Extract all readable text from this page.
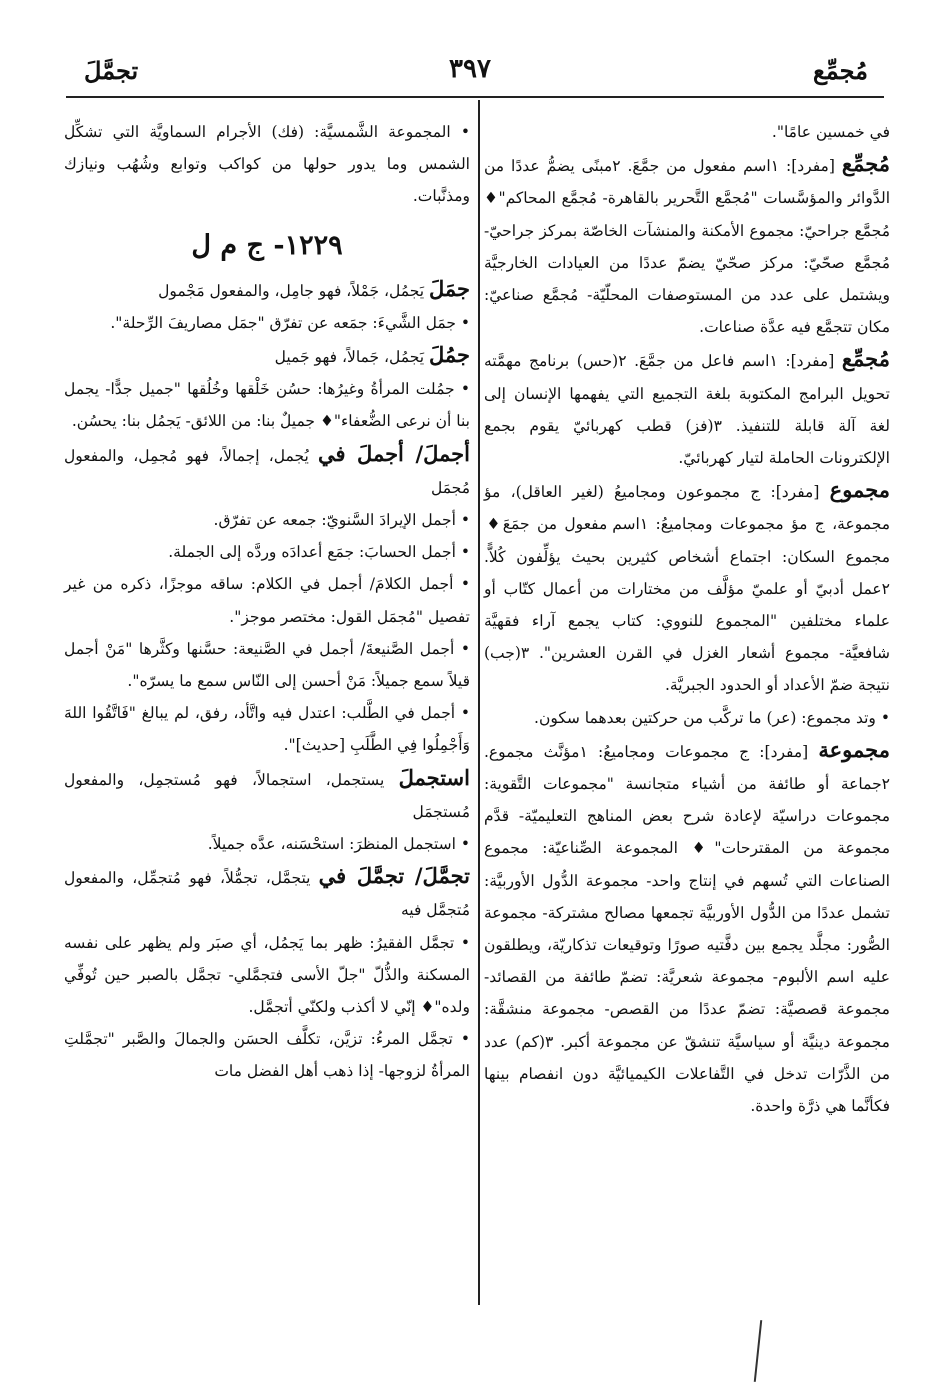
تجمَّلَ	٣٩٧	مُجمِّع

في خمسين عامًا".

مُجمِّع [مفرد]: ١اسم مفعول من جمَّعَ. ٢مبنًى يضمُّ عددًا من الدَّوائر والمؤسَّسات "مُجمَّع التَّحرير بالقاهرة- مُجمَّع المحاكم"♦ مُجمَّع جراحيّ: مجموع الأمكنة والمنشآت الخاصّة بمركز جراحيّ- مُجمَّع صحّيّ: مركز صحّيّ يضمّ عددًا من العيادات الخارجيَّة ويشتمل على عدد من المستوصفات المحلّيّة- مُجمَّع صناعيّ: مكان تتجمَّع فيه عدَّة صناعات.

مُجمِّع [مفرد]: ١اسم فاعل من جمَّعَ. ٢(حس) برنامج مهمَّته تحويل البرامج المكتوبة بلغة التجميع التي يفهمها الإنسان إلى لغة آلة قابلة للتنفيذ. ٣(فز) قطب كهربائيّ يقوم بجمع الإلكترونات الحاملة لتيار كهربائيّ.

مجموع [مفرد]: ج مجموعون ومجاميعُ (لغير العاقل)، مؤ مجموعة، ج مؤ مجموعات ومجاميعُ: ١اسم مفعول من جمَعَ♦ مجموع السكان: اجتماع أشخاص كثيرين بحيث يؤلِّفون كُلاًّ. ٢عمل أدبيّ أو علميّ مؤلَّف من مختارات من أعمال كتّاب أو علماء مختلفين "المجموع للنووي: كتاب يجمع آراء فقهيَّة شافعيَّة- مجموع أشعار الغزل في القرن العشرين". ٣(جب) نتيجة ضمّ الأعداد أو الحدود الجبريَّة.

• وتد مجموع: (عر) ما تركَّب من حركتين بعدهما سكون.

مجموعة [مفرد]: ج مجموعات ومجاميعُ: ١مؤنَّث مجموع. ٢جماعة أو طائفة من أشياء متجانسة "مجموعات التَّقوية: مجموعات دراسيّة لإعادة شرح بعض المناهج التعليميّة- قدَّم مجموعة من المقترحات"♦ المجموعة الصِّناعيّة: مجموع الصناعات التي تُسهم في إنتاج واحد- مجموعة الدُّول الأوربيَّة: تشمل عددًا من الدُّول الأوربيَّة تجمعها مصالح مشتركة- مجموعة الصُّور: مجلَّد يجمع بين دفَّتيه صورًا وتوقيعات تذكاريّة، ويطلقون عليه اسم الألبوم- مجموعة شعريَّة: تضمّ طائفة من القصائد- مجموعة قصصيَّة: تضمّ عددًا من القصص- مجموعة منشقَّة: مجموعة دينيَّة أو سياسيَّة تنشقّ عن مجموعة أكبر. ٣(كم) عدد من الذَّرّات تدخل في التَّفاعلات الكيميائيَّة دون انفصام بينها فكأنَّما هي ذرَّة واحدة.

• المجموعة الشَّمسيَّة: (فك) الأجرام السماويَّة التي تشكِّل الشمس وما يدور حولها من كواكب وتوابع وشُهُب ونيازك ومذنَّبات.

١٢٢٩- ج م ل

جمَلَ يَجمُل، جَمْلاً، فهو جامِل، والمفعول مَجْمول

• جمَل الشَّيءَ: جمَعه عن تفرّق "جمَل مصاريفَ الرِّحلة".

جمُلَ يَجمُل، جَمالاً، فهو جَميل

• جمُلت المرأةُ وغيرُها: حسُن خَلْقها وخُلُقها "جميل جدًّا- يجمل بنا أن نرعى الضُّعفاء"♦ جميلٌ بنا: من اللائق- يَجمُل بنا: يحسُن.

أجملَ/ أجملَ في يُجمل، إجمالاً، فهو مُجمِل، والمفعول مُجمَل

• أجمل الإيرادَ السَّنويّ: جمعه عن تفرّق.

• أجمل الحسابَ: جمَع أعدادَه وردَّه إلى الجملة.

• أجمل الكلامَ/ أجمل في الكلام: ساقه موجزًا، ذكره من غير تفصيل "مُجمَل القول: مختصر موجز".

• أجمل الصَّنيعةَ/ أجمل في الصَّنيعة: حسَّنها وكثَّرها "مَنْ أجمل قيلاً سمع جميلاً: مَنْ أحسن إلى النّاس سمع ما يسرّه".

• أجمل في الطَّلب: اعتدل فيه واتَّأد، رفق، لم يبالغ "فَاتَّقُوا اللهَ وَأَجْمِلُوا فِي الطَّلَبِ [حديث]".

استجملَ يستجمل، استجمالاً، فهو مُستجمِل، والمفعول مُستجمَل

• استجمل المنظرَ: استحْسَنه، عدَّه جميلاً.

تجمَّلَ/ تجمَّلَ في يتجمَّل، تجمُّلاً، فهو مُتجمِّل، والمفعول مُتجمَّل فيه

• تجمَّل الفقيرُ: ظهر بما يَجمُل، أي صبَر ولم يظهر على نفسه المسكنة والذُّلّ "جلّ الأسى فتجمَّلي- تجمَّل بالصبر حين تُوفِّي ولده"♦ إنّي لا أكذب ولكنّي أتجمَّل.

• تجمَّل المرءُ: تزيَّن، تكلَّف الحسَن والجمالَ والصَّبر "تجمَّلتِ المرأةُ لزوجها- إذا ذهب أهل الفضل مات
